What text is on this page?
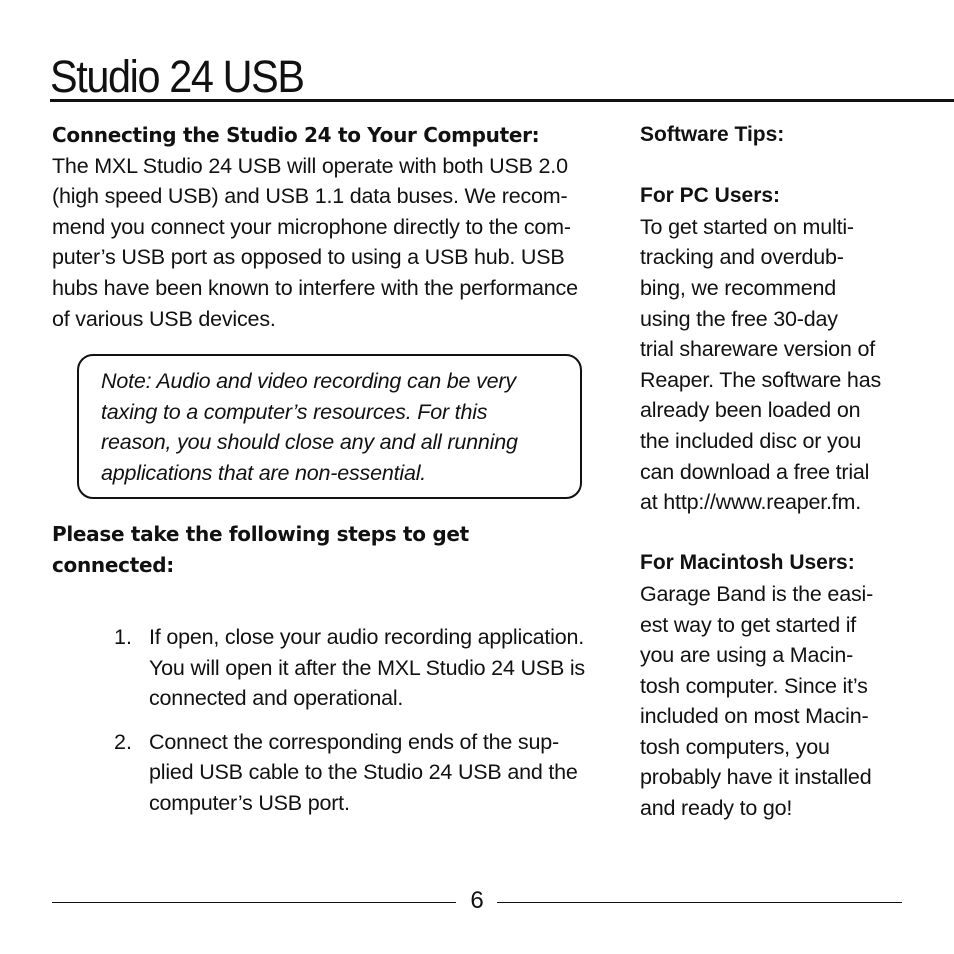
Studio 24 USB

Connecting the Studio 24 to Your Computer:

The MXL Studio 24 USB will operate with both USB 2.0
(high speed USB) and USB 1.1 data buses. We recom-
mend you connect your microphone directly to the com-
puter’s USB port as opposed to using a USB hub. USB
hubs have been known to interfere with the performance
of various USB devices.
Note: Audio and video recording can be very
taxing to a computer’s resources. For this
reason, you should close any and all running
applications that are non-essential.
Please take the following steps to get
connected:
1. If open, close your audio recording application.
You will open it after the MXL Studio 24 USB is
connected and operational.
2. Connect the corresponding ends of the sup-
plied USB cable to the Studio 24 USB and the
computer’s USB port.

Software Tips:

For PC Users:

To get started on multi-
tracking and overdub-
bing, we recommend
using the free 30-day
trial shareware version of
Reaper. The software has
already been loaded on
the included disc or you
can download a free trial
at http://www.reaper.fm.

For Macintosh Users:

Garage Band is the easi-
est way to get started if
you are using a Macin-
tosh computer. Since it’s
included on most Macin-
tosh computers, you
probably have it installed
and ready to go!
6
